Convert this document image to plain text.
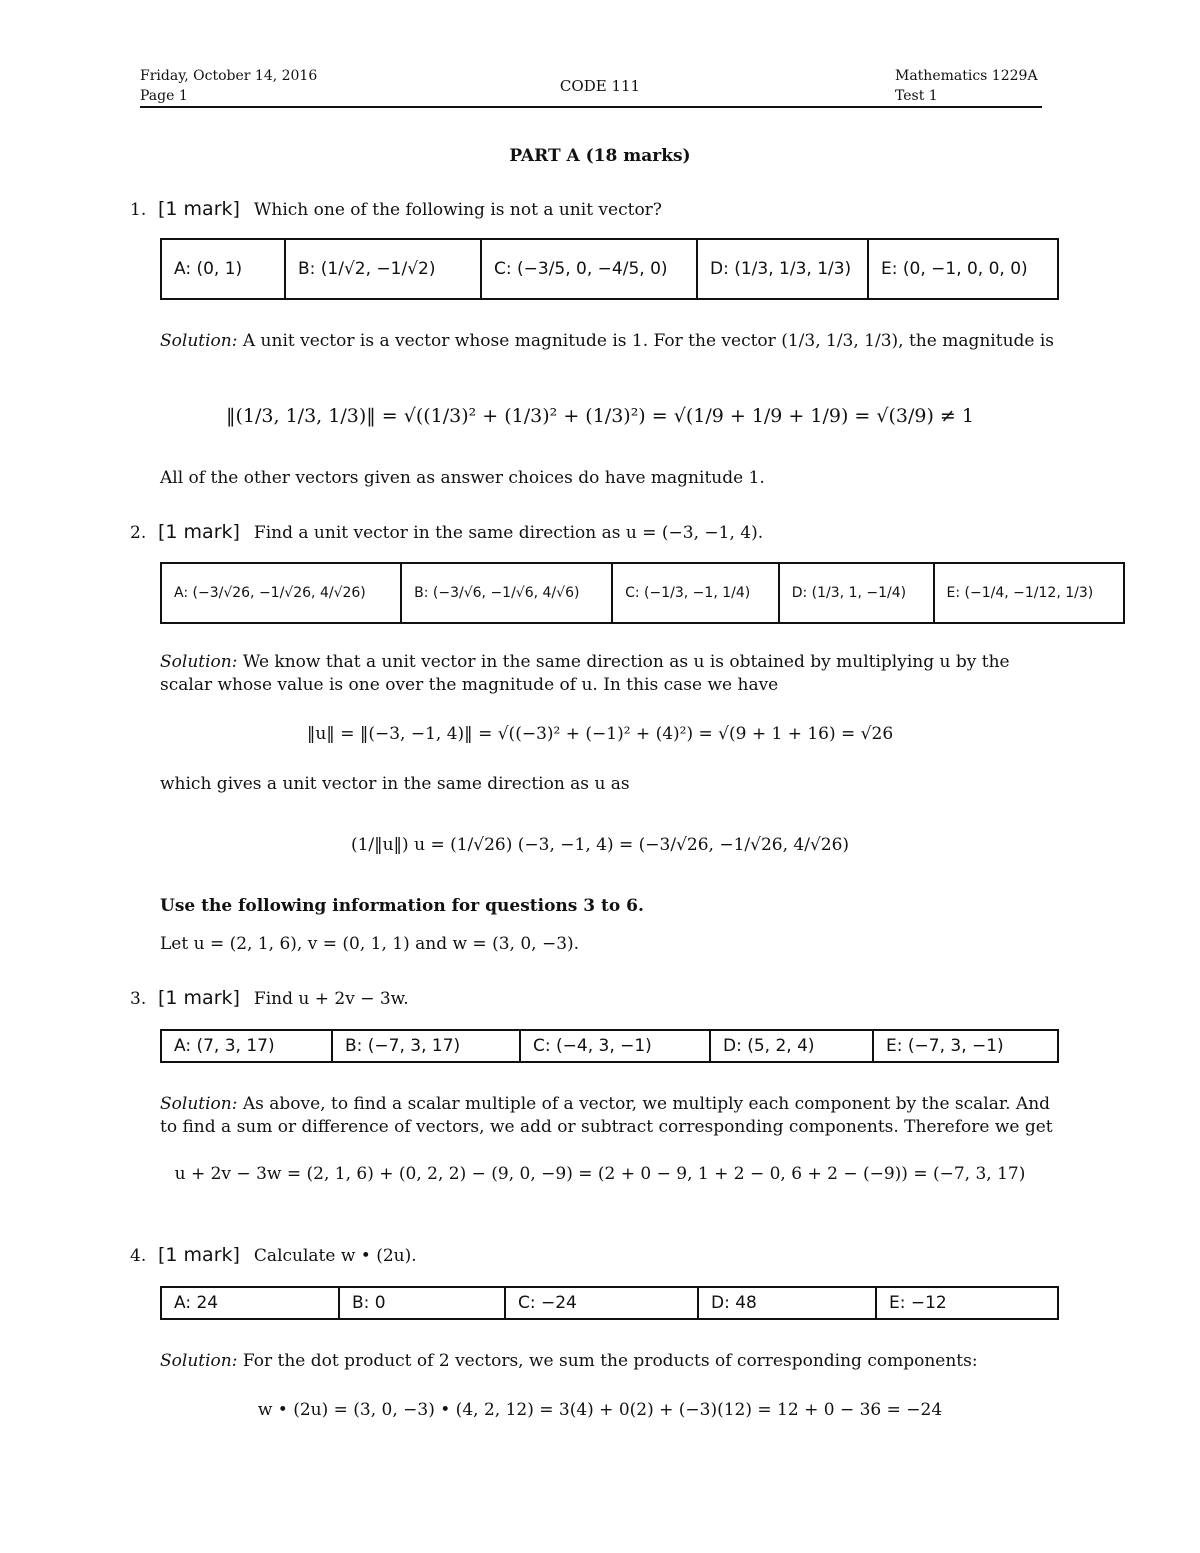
Friday, October 14, 2016
Page 1
CODE 111
Mathematics 1229A
Test 1
PART A (18 marks)
1. [1 mark] Which one of the following is not a unit vector?
A: (0, 1)	B: (1/√2, −1/√2)	C: (−3/5, 0, −4/5, 0)	D: (1/3, 1/3, 1/3)	E: (0, −1, 0, 0, 0)
Solution: A unit vector is a vector whose magnitude is 1. For the vector (1/3, 1/3, 1/3), the magnitude is
‖(1/3, 1/3, 1/3)‖ = √((1/3)² + (1/3)² + (1/3)²) = √(1/9 + 1/9 + 1/9) = √(3/9) ≠ 1
All of the other vectors given as answer choices do have magnitude 1.
2. [1 mark] Find a unit vector in the same direction as u = (−3, −1, 4).
A: (−3/√26, −1/√26, 4/√26)	B: (−3/√6, −1/√6, 4/√6)	C: (−1/3, −1, 1/4)	D: (1/3, 1, −1/4)	E: (−1/4, −1/12, 1/3)
Solution: We know that a unit vector in the same direction as u is obtained by multiplying u by the scalar whose value is one over the magnitude of u. In this case we have
‖u‖ = ‖(−3, −1, 4)‖ = √((−3)² + (−1)² + (4)²) = √(9 + 1 + 16) = √26
which gives a unit vector in the same direction as u as
(1/‖u‖) u = (1/√26) (−3, −1, 4) = (−3/√26, −1/√26, 4/√26)
Use the following information for questions 3 to 6.
Let u = (2, 1, 6), v = (0, 1, 1) and w = (3, 0, −3).
3. [1 mark] Find u + 2v − 3w.
A: (7, 3, 17)	B: (−7, 3, 17)	C: (−4, 3, −1)	D: (5, 2, 4)	E: (−7, 3, −1)
Solution: As above, to find a scalar multiple of a vector, we multiply each component by the scalar. And to find a sum or difference of vectors, we add or subtract corresponding components. Therefore we get
u + 2v − 3w = (2, 1, 6) + (0, 2, 2) − (9, 0, −9) = (2 + 0 − 9, 1 + 2 − 0, 6 + 2 − (−9)) = (−7, 3, 17)
4. [1 mark] Calculate w • (2u).
A: 24	B: 0	C: −24	D: 48	E: −12
Solution: For the dot product of 2 vectors, we sum the products of corresponding components:
w • (2u) = (3, 0, −3) • (4, 2, 12) = 3(4) + 0(2) + (−3)(12) = 12 + 0 − 36 = −24
